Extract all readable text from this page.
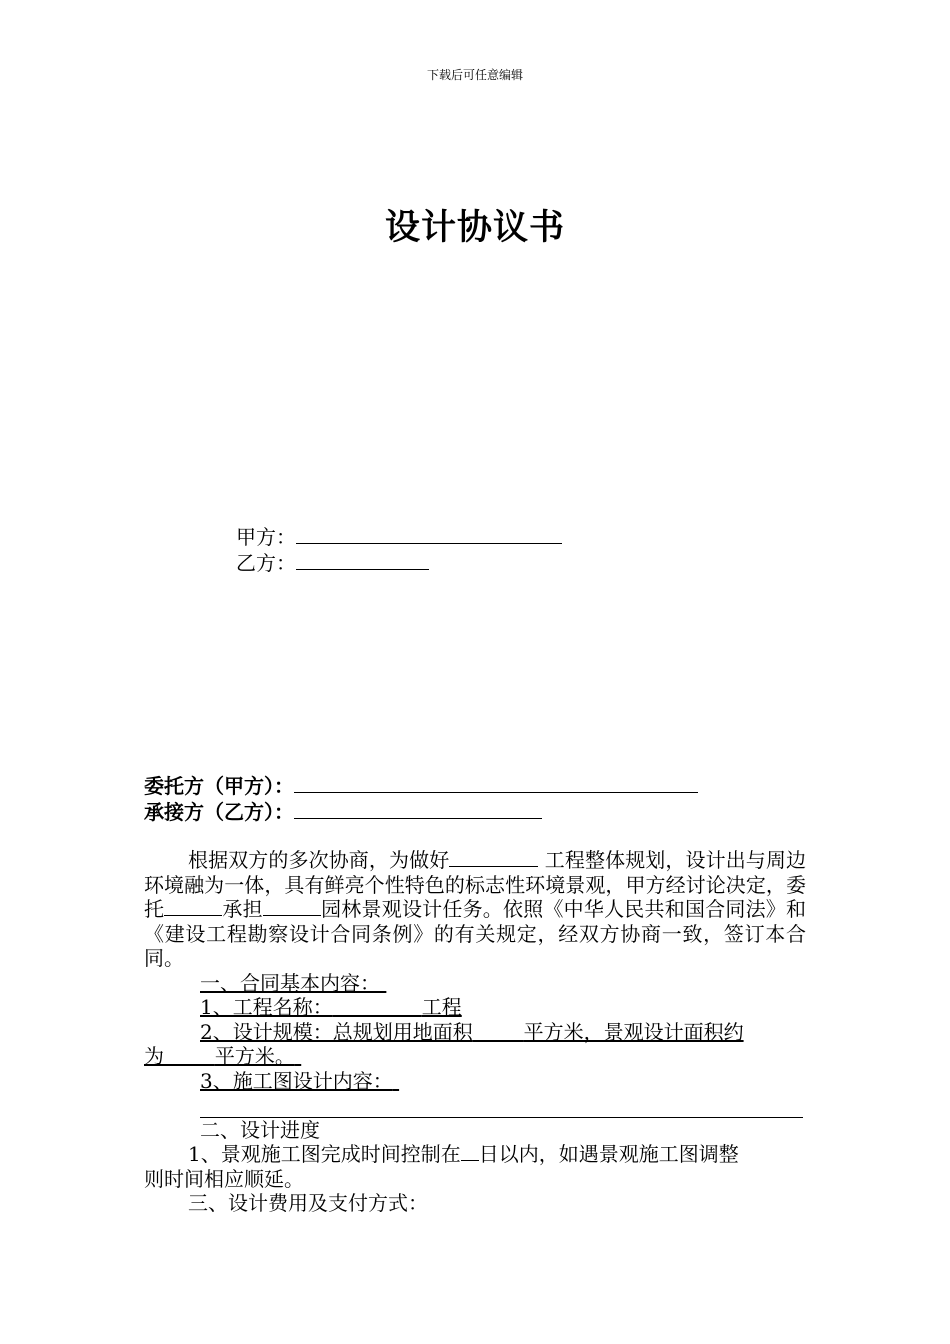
下载后可任意编辑
设计协议书
甲方：
乙方：
委托方（甲方）：
承接方（乙方）：

根据双方的多次协商，为做好	工程整体规划，设计出与周边环境融为一体，具有鲜亮个性特色的标志性环境景观，甲方经讨论决定，委托	承担	园林景观设计任务。依照《中华人民共和国合同法》和《建设工程勘察设计合同条例》的有关规定，经双方协商一致，签订本合同。

一、合同基本内容：

1、工程名称：	工程

2、设计规模：总规划用地面积	平方米，景观设计面积约

为	平方米。

3、施工图设计内容：

二、设计进度

1、景观施工图完成时间控制在 日以内，如遇景观施工图调整

则时间相应顺延。

三、设计费用及支付方式：
